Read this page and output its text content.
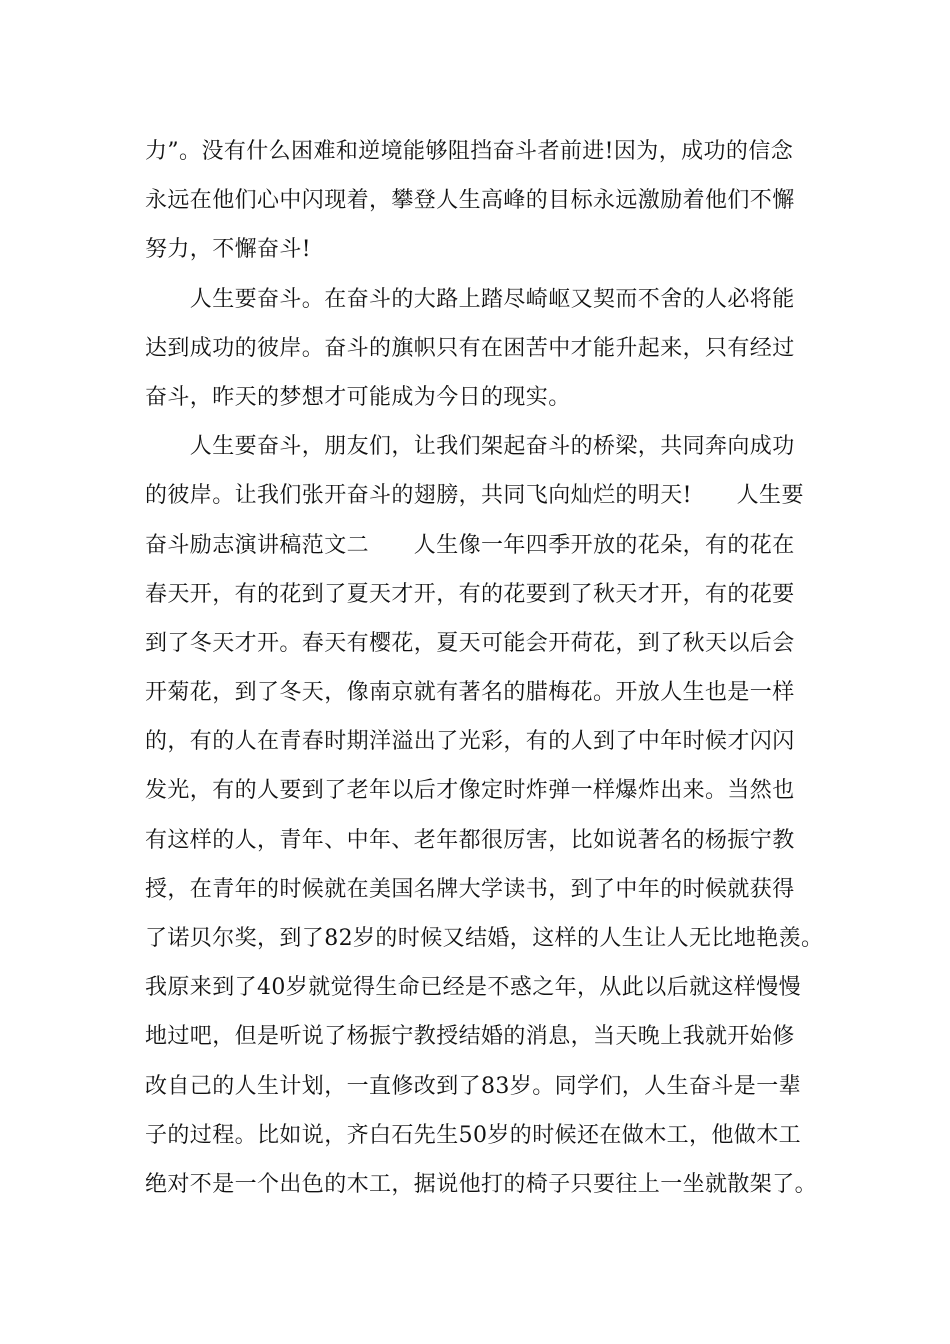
力”。没有什么困难和逆境能够阻挡奋斗者前进!因为，成功的信念
永远在他们心中闪现着，攀登人生高峰的目标永远激励着他们不懈
努力，不懈奋斗!
　　人生要奋斗。在奋斗的大路上踏尽崎岖又契而不舍的人必将能
达到成功的彼岸。奋斗的旗帜只有在困苦中才能升起来，只有经过
奋斗，昨天的梦想才可能成为今日的现实。
　　人生要奋斗，朋友们，让我们架起奋斗的桥梁，共同奔向成功
的彼岸。让我们张开奋斗的翅膀，共同飞向灿烂的明天!　　人生要
奋斗励志演讲稿范文二　　人生像一年四季开放的花朵，有的花在
春天开，有的花到了夏天才开，有的花要到了秋天才开，有的花要
到了冬天才开。春天有樱花，夏天可能会开荷花，到了秋天以后会
开菊花，到了冬天，像南京就有著名的腊梅花。开放人生也是一样
的，有的人在青春时期洋溢出了光彩，有的人到了中年时候才闪闪
发光，有的人要到了老年以后才像定时炸弹一样爆炸出来。当然也
有这样的人，青年、中年、老年都很厉害，比如说著名的杨振宁教
授，在青年的时候就在美国名牌大学读书，到了中年的时候就获得
了诺贝尔奖，到了82岁的时候又结婚，这样的人生让人无比地艳羡。
我原来到了40岁就觉得生命已经是不惑之年，从此以后就这样慢慢
地过吧，但是听说了杨振宁教授结婚的消息，当天晚上我就开始修
改自己的人生计划，一直修改到了83岁。同学们，人生奋斗是一辈
子的过程。比如说，齐白石先生50岁的时候还在做木工，他做木工
绝对不是一个出色的木工，据说他打的椅子只要往上一坐就散架了。
